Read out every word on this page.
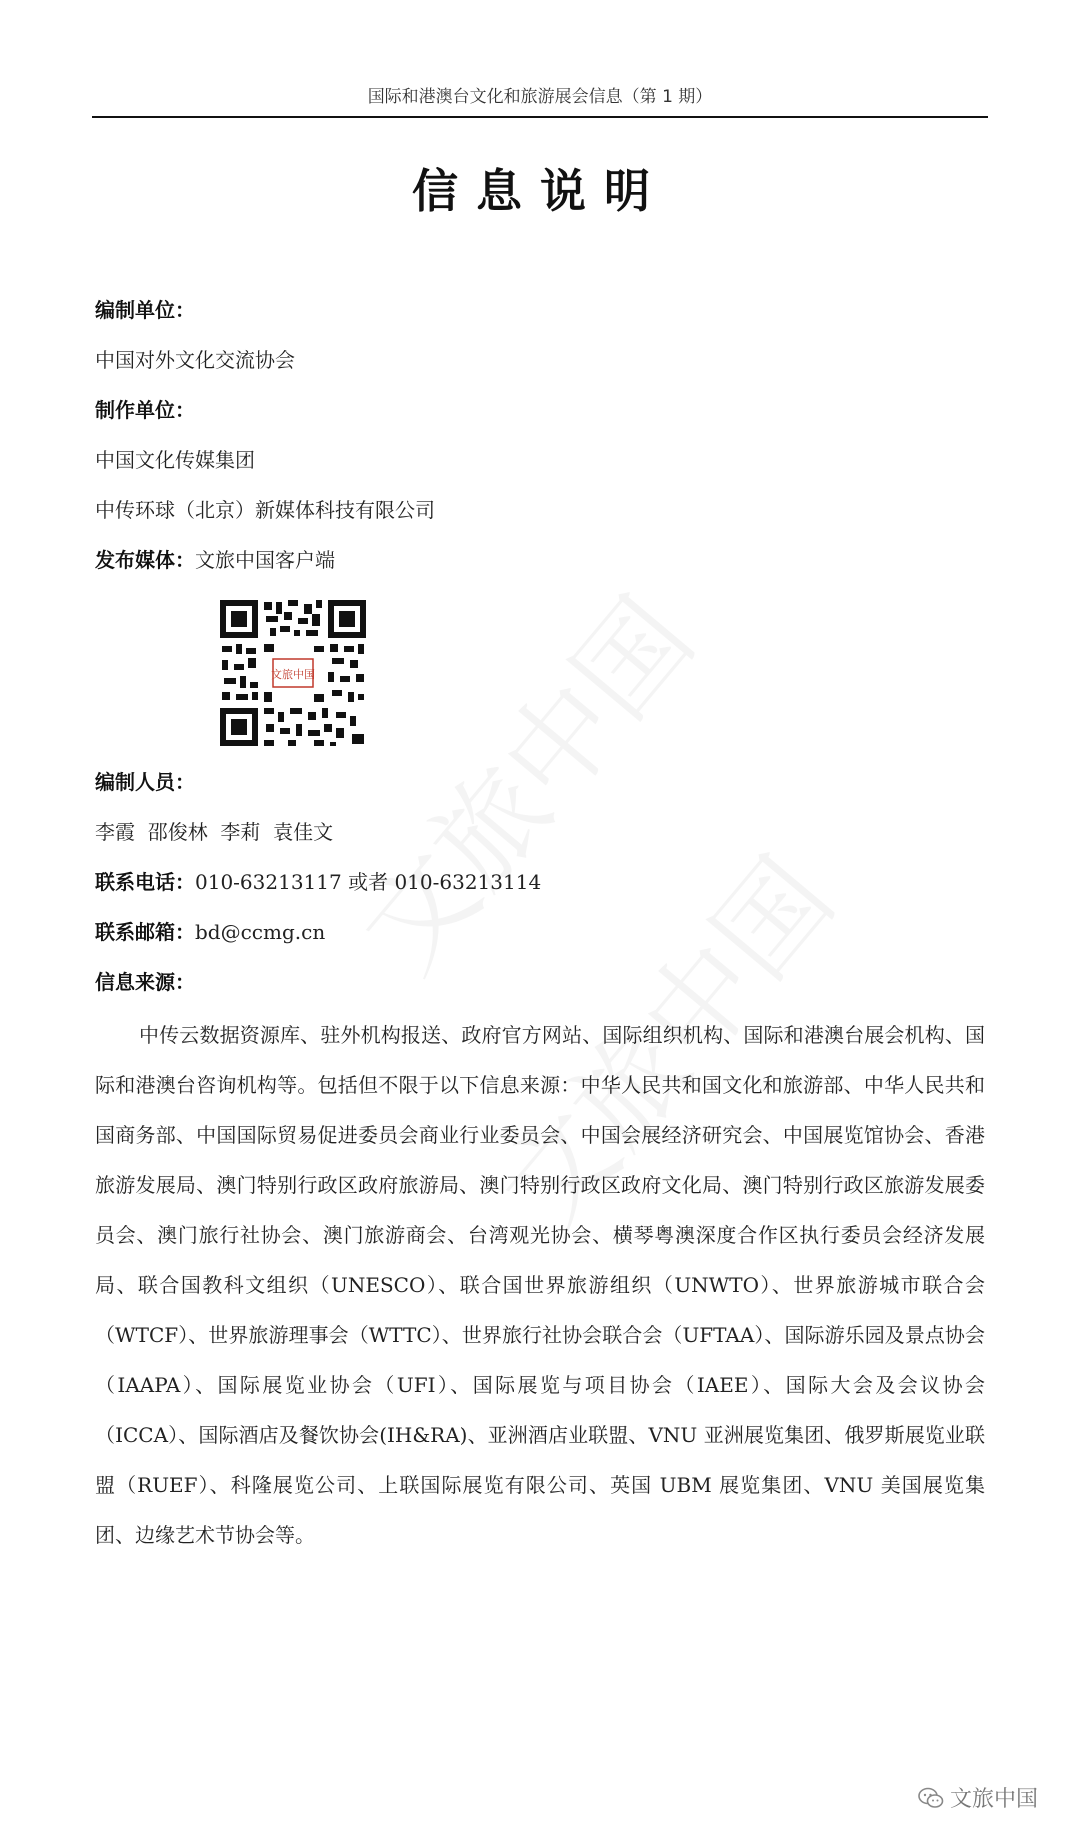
国际和港澳台文化和旅游展会信息（第 1 期）
信息说明
编制单位：
中国对外文化交流协会
制作单位：
中国文化传媒集团
中传环球（北京）新媒体科技有限公司
发布媒体：文旅中国客户端
文旅中国
编制人员：
李霞  邵俊林  李莉  袁佳文
联系电话：010-63213117 或者 010-63213114
联系邮箱：bd@ccmg.cn
信息来源：
中传云数据资源库、驻外机构报送、政府官方网站、国际组织机构、国际和港澳台展会机构、国际和港澳台咨询机构等。包括但不限于以下信息来源：中华人民共和国文化和旅游部、中华人民共和国商务部、中国国际贸易促进委员会商业行业委员会、中国会展经济研究会、中国展览馆协会、香港旅游发展局、澳门特别行政区政府旅游局、澳门特别行政区政府文化局、澳门特别行政区旅游发展委员会、澳门旅行社协会、澳门旅游商会、台湾观光协会、横琴粤澳深度合作区执行委员会经济发展局、联合国教科文组织（UNESCO）、联合国世界旅游组织（UNWTO）、世界旅游城市联合会（WTCF）、世界旅游理事会（WTTC）、世界旅行社协会联合会（UFTAA）、国际游乐园及景点协会（IAAPA）、国际展览业协会（UFI）、国际展览与项目协会（IAEE）、国际大会及会议协会（ICCA）、国际酒店及餐饮协会(IH&RA)、亚洲酒店业联盟、VNU 亚洲展览集团、俄罗斯展览业联盟（RUEF）、科隆展览公司、上联国际展览有限公司、英国 UBM 展览集团、VNU 美国展览集团、边缘艺术节协会等。
文旅中国
